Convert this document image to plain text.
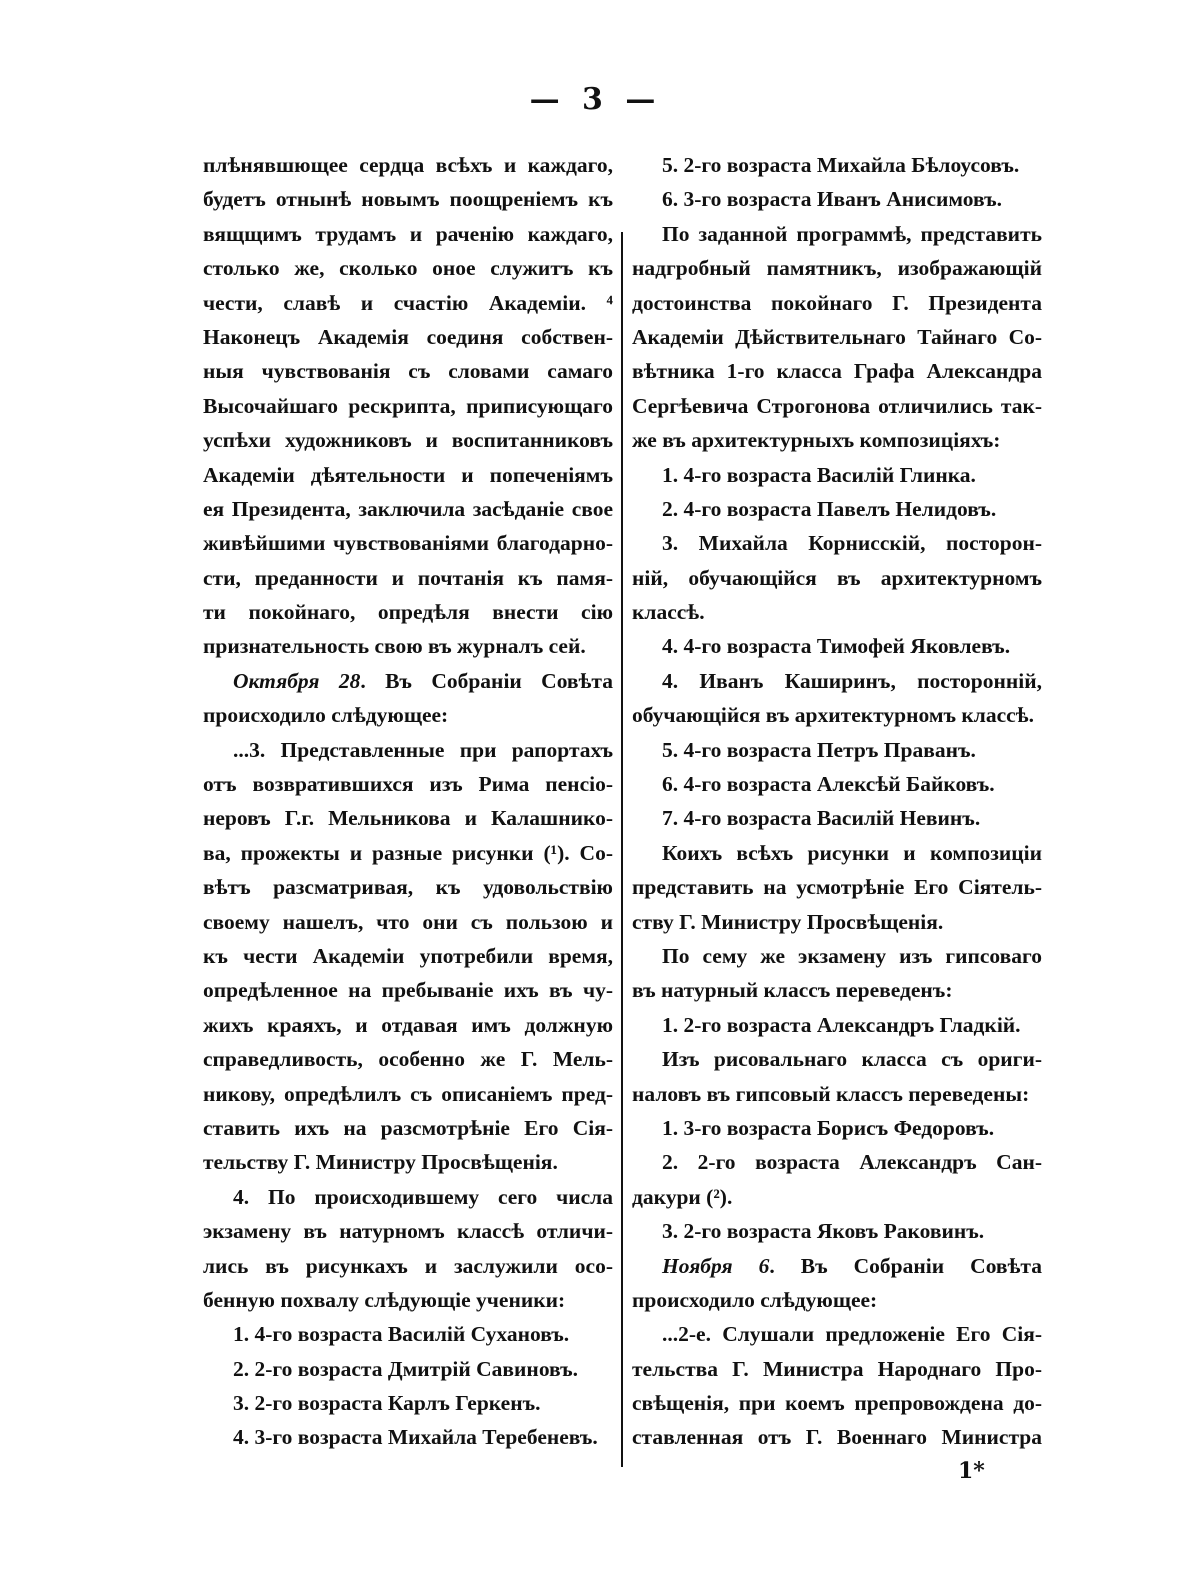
— 3 —
плѣнявшющее сердца всѣхъ и каждаго,
будетъ отнынѣ новымъ поощреніемъ къ
вящщимъ трудамъ и раченію каждаго,
столько же, сколько оное служитъ къ
чести, славѣ и счастію Академіи. ⁴
Наконецъ Академія соединя собствен-
ныя чувствованія съ словами самаго
Высочайшаго рескрипта, приписующаго
успѣхи художниковъ и воспитанниковъ
Академіи дѣятельности и попеченіямъ
ея Президента, заключила засѣданіе свое
живѣйшими чувствованіями благодарно-
сти, преданности и почтанія къ памя-
ти покойнаго, опредѣля внести сію
признательность свою въ журналъ сей.
Октября 28. Въ Собраніи Совѣта
происходило слѣдующее:
...3. Представленные при рапортахъ
отъ возвратившихся изъ Рима пенсіо-
неровъ Г.г. Мельникова и Калашнико-
ва, прожекты и разные рисунки (¹). Со-
вѣтъ разсматривая, къ удовольствію
своему нашелъ, что они съ пользою и
къ чести Академіи употребили время,
опредѣленное на пребываніе ихъ въ чу-
жихъ краяхъ, и отдавая имъ должную
справедливость, особенно же Г. Мель-
никову, опредѣлилъ съ описаніемъ пред-
ставить ихъ на разсмотрѣніе Его Сія-
тельству Г. Министру Просвѣщенія.
4. По происходившему сего числа
экзамену въ натурномъ классѣ отличи-
лись въ рисункахъ и заслужили осо-
бенную похвалу слѣдующіе ученики:
1. 4-го возраста Василій Сухановъ.
2. 2-го возраста Дмитрій Савиновъ.
3. 2-го возраста Карлъ Геркенъ.
4. 3-го возраста Михайла Теребеневъ.
5. 2-го возраста Михайла Бѣлоусовъ.
6. 3-го возраста Иванъ Анисимовъ.
По заданной программѣ, представить
надгробный памятникъ, изображающій
достоинства покойнаго Г. Президента
Академіи Дѣйствительнаго Тайнаго Со-
вѣтника 1-го класса Графа Александра
Сергѣевича Строгонова отличились так-
же въ архитектурныхъ композиціяхъ:
1. 4-го возраста Василій Глинка.
2. 4-го возраста Павелъ Нелидовъ.
3. Михайла Корнисскій, посторон-
ній, обучающійся въ архитектурномъ
классѣ.
4. 4-го возраста Тимофей Яковлевъ.
4. Иванъ Каширинъ, посторонній,
обучающійся въ архитектурномъ классѣ.
5. 4-го возраста Петръ Праванъ.
6. 4-го возраста Алексѣй Байковъ.
7. 4-го возраста Василій Невинъ.
Коихъ всѣхъ рисунки и композиціи
представить на усмотрѣніе Его Сіятель-
ству Г. Министру Просвѣщенія.
По сему же экзамену изъ гипсоваго
въ натурный классъ переведенъ:
1. 2-го возраста Александръ Гладкій.
Изъ рисовальнаго класса съ ориги-
наловъ въ гипсовый классъ переведены:
1. 3-го возраста Борисъ Федоровъ.
2. 2-го возраста Александръ Сан-
дакури (²).
3. 2-го возраста Яковъ Раковинъ.
Ноября 6. Въ Собраніи Совѣта
происходило слѣдующее:
...2-е. Слушали предложеніе Его Сія-
тельства Г. Министра Народнаго Про-
свѣщенія, при коемъ препровождена до-
ставленная отъ Г. Военнаго Министра
1*
